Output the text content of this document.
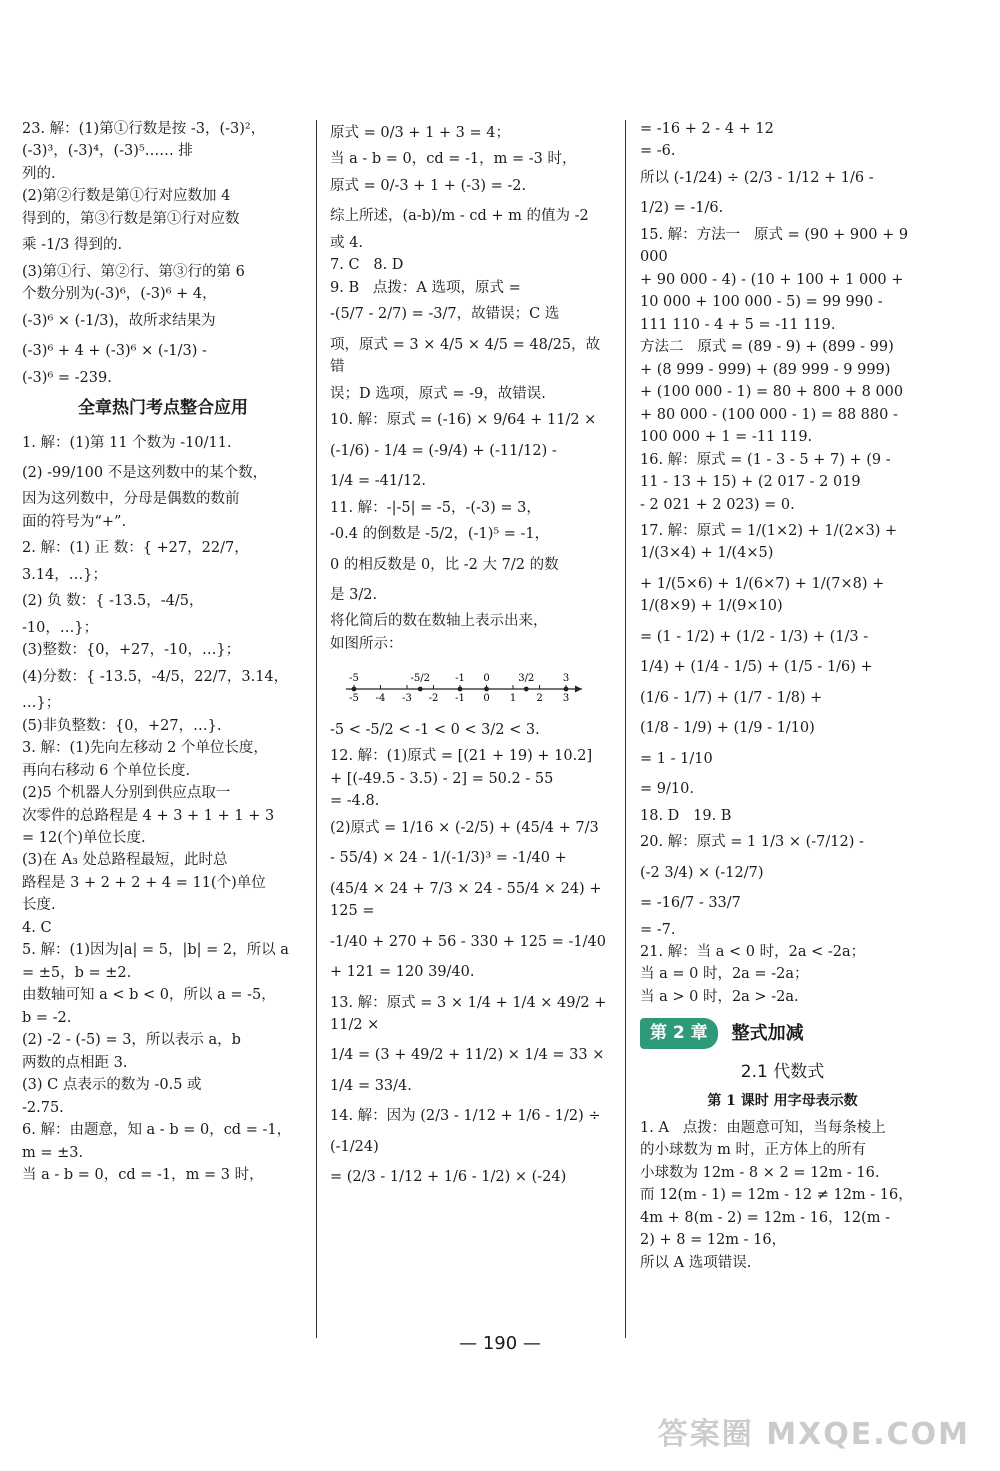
23. 解：(1)第①行数是按 -3，(-3)²，

(-3)³，(-3)⁴，(-3)⁵…… 排

列的.

(2)第②行数是第①行对应数加 4

得到的，第③行数是第①行对应数

乘 -1/3 得到的.

(3)第①行、第②行、第③行的第 6

个数分别为(-3)⁶，(-3)⁶ + 4，

(-3)⁶ × (-1/3)，故所求结果为

(-3)⁶ + 4 + (-3)⁶ × (-1/3) -

(-3)⁶ = -239.

全章热门考点整合应用

1. 解：(1)第 11 个数为 -10/11.

(2) -99/100 不是这列数中的某个数，

因为这列数中，分母是偶数的数前

面的符号为“+”.

2. 解：(1) 正 数：{ +27，22/7，

3.14，…}；

(2) 负 数：{ -13.5，-4/5，

-10，…}；

(3)整数：{0，+27，-10，…}；

(4)分数：{ -13.5，-4/5，22/7，3.14，

…}；

(5)非负整数：{0，+27，…}.

3. 解：(1)先向左移动 2 个单位长度，

再向右移动 6 个单位长度.

(2)5 个机器人分别到供应点取一

次零件的总路程是 4 + 3 + 1 + 1 + 3

= 12(个)单位长度.

(3)在 A₃ 处总路程最短，此时总

路程是 3 + 2 + 2 + 4 = 11(个)单位

长度.

4. C

5. 解：(1)因为|a| = 5，|b| = 2，所以 a

= ±5，b = ±2.

由数轴可知 a < b < 0，所以 a = -5，

b = -2.

(2) -2 - (-5) = 3，所以表示 a，b

两数的点相距 3.

(3) C 点表示的数为 -0.5 或

-2.75.

6. 解：由题意，知 a - b = 0，cd = -1，

m = ±3.

当 a - b = 0，cd = -1，m = 3 时，

原式 = 0/3 + 1 + 3 = 4；

当 a - b = 0，cd = -1，m = -3 时，

原式 = 0/-3 + 1 + (-3) = -2.

综上所述，(a-b)/m - cd + m 的值为 -2

或 4.

7. C   8. D

9. B   点拨：A 选项，原式 =

-(5/7 - 2/7) = -3/7，故错误；C 选

项，原式 = 3 × 4/5 × 4/5 = 48/25，故错

误；D 选项，原式 = -9，故错误.

10. 解：原式 = (-16) × 9/64 + 11/2 ×

(-1/6) - 1/4 = (-9/4) + (-11/12) -

1/4 = -41/12.

11. 解：-|-5| = -5，-(-3) = 3，

-0.4 的倒数是 -5/2，(-1)⁵ = -1，

0 的相反数是 0，比 -2 大 7/2 的数

是 3/2.

将化简后的数在数轴上表示出来，

如图所示：

-5 -4 -3 -2 -1 0 1 2 3
-5	-5/2	-1 0	3/2	3

-5 < -5/2 < -1 < 0 < 3/2 < 3.

12. 解：(1)原式 = [(21 + 19) + 10.2]

+ [(-49.5 - 3.5) - 2] = 50.2 - 55

= -4.8.

(2)原式 = 1/16 × (-2/5) + (45/4 + 7/3

- 55/4) × 24 - 1/(-1/3)³ = -1/40 +

(45/4 × 24 + 7/3 × 24 - 55/4 × 24) + 125 =

-1/40 + 270 + 56 - 330 + 125 = -1/40

+ 121 = 120 39/40.

13. 解：原式 = 3 × 1/4 + 1/4 × 49/2 + 11/2 ×

1/4 = (3 + 49/2 + 11/2) × 1/4 = 33 ×

1/4 = 33/4.

14. 解：因为 (2/3 - 1/12 + 1/6 - 1/2) ÷

(-1/24)

= (2/3 - 1/12 + 1/6 - 1/2) × (-24)

= -16 + 2 - 4 + 12

= -6.

所以 (-1/24) ÷ (2/3 - 1/12 + 1/6 -

1/2) = -1/6.

15. 解：方法一   原式 = (90 + 900 + 9 000

+ 90 000 - 4) - (10 + 100 + 1 000 +

10 000 + 100 000 - 5) = 99 990 -

111 110 - 4 + 5 = -11 119.

方法二   原式 = (89 - 9) + (899 - 99)

+ (8 999 - 999) + (89 999 - 9 999)

+ (100 000 - 1) = 80 + 800 + 8 000

+ 80 000 - (100 000 - 1) = 88 880 -

100 000 + 1 = -11 119.

16. 解：原式 = (1 - 3 - 5 + 7) + (9 -

11 - 13 + 15) + (2 017 - 2 019

- 2 021 + 2 023) = 0.

17. 解：原式 = 1/(1×2) + 1/(2×3) + 1/(3×4) + 1/(4×5)

+ 1/(5×6) + 1/(6×7) + 1/(7×8) + 1/(8×9) + 1/(9×10)

= (1 - 1/2) + (1/2 - 1/3) + (1/3 -

1/4) + (1/4 - 1/5) + (1/5 - 1/6) +

(1/6 - 1/7) + (1/7 - 1/8) +

(1/8 - 1/9) + (1/9 - 1/10)

= 1 - 1/10

= 9/10.

18. D   19. B

20. 解：原式 = 1 1/3 × (-7/12) -

(-2 3/4) × (-12/7)

= -16/7 - 33/7

= -7.

21. 解：当 a < 0 时，2a < -2a；

当 a = 0 时，2a = -2a；

当 a > 0 时，2a > -2a.

第 2 章	整式加减
2.1 代数式
第 1 课时 用字母表示数

1. A   点拨：由题意可知，当每条棱上

的小球数为 m 时，正方体上的所有

小球数为 12m - 8 × 2 = 12m - 16.

而 12(m - 1) = 12m - 12 ≠ 12m - 16，

4m + 8(m - 2) = 12m - 16，12(m -

2) + 8 = 12m - 16，

所以 A 选项错误.

— 190 —
答案圈 MXQE.COM
